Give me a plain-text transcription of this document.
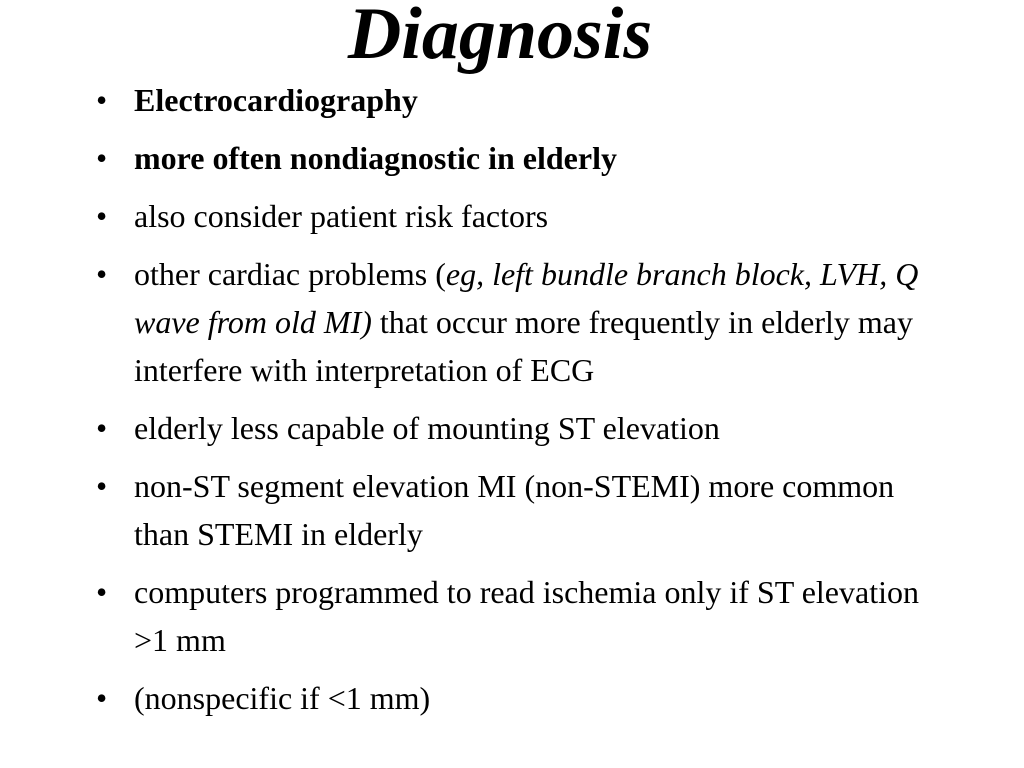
Diagnosis
• Electrocardiography
• more often nondiagnostic in elderly
• also consider patient risk factors
• other cardiac problems (eg, left bundle branch block, LVH, Q wave from old MI) that occur more frequently in elderly may interfere with interpretation of ECG
• elderly less capable of mounting ST elevation
• non-ST segment elevation MI (non-STEMI) more common than STEMI in elderly
• computers programmed to read ischemia only if ST elevation >1 mm
• (nonspecific if <1 mm)
